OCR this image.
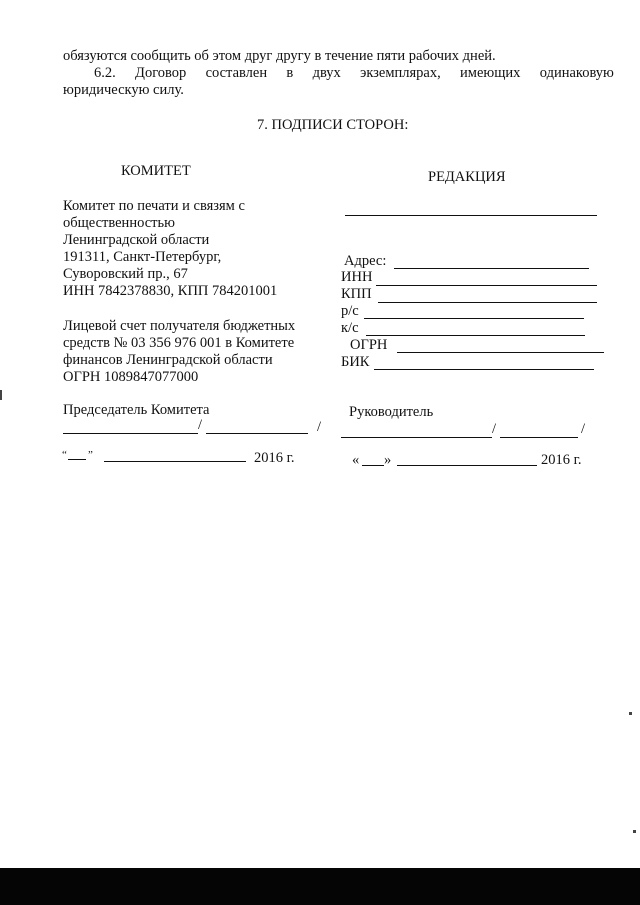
обязуются сообщить об этом друг другу в течение пяти рабочих дней.
6.2. Договор составлен в двух экземплярах, имеющих одинаковую
юридическую силу.
7. ПОДПИСИ СТОРОН:
КОМИТЕТ	РЕДАКЦИЯ
Комитет по печати и связям с
общественностью
Ленинградской области
191311, Санкт-Петербург,
Суворовский пр., 67
ИНН 7842378830, КПП 784201001
Лицевой счет получателя бюджетных
средств № 03 356 976 001 в Комитете
финансов Ленинградской области
ОГРН 1089847077000
Адрес:
ИНН
КПП
р/с
к/с
ОГРН
БИК
Председатель Комитета
/	/
Руководитель
/	/
“ ”	2016 г.	« »	2016 г.
